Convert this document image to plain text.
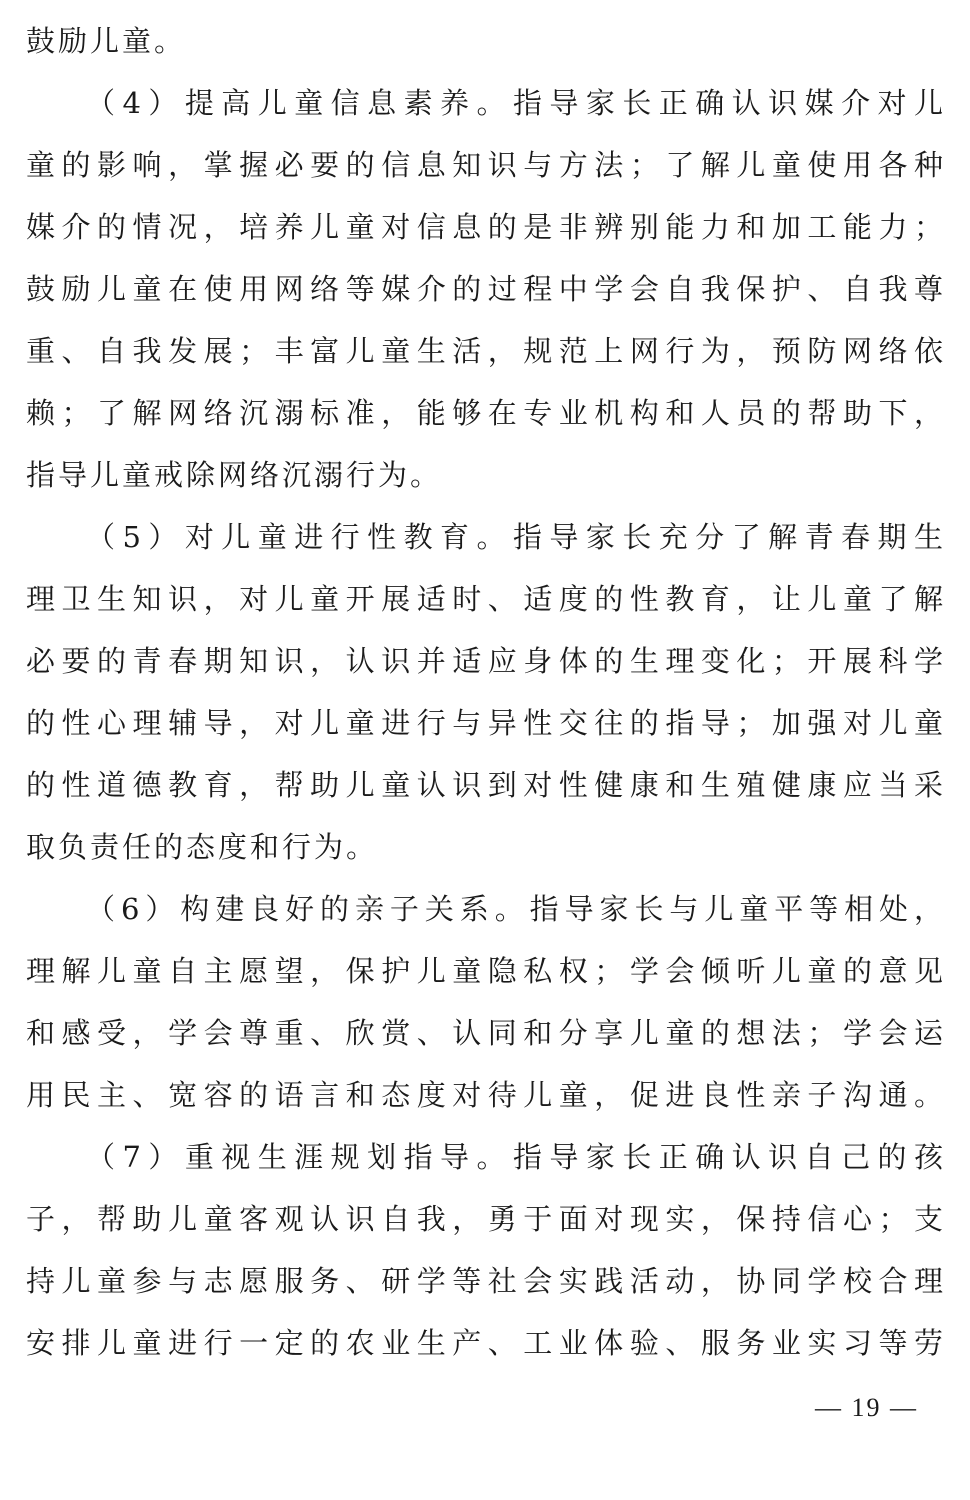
鼓励儿童。
（4）提高儿童信息素养。指导家长正确认识媒介对儿
童的影响，掌握必要的信息知识与方法；了解儿童使用各种
媒介的情况，培养儿童对信息的是非辨别能力和加工能力；
鼓励儿童在使用网络等媒介的过程中学会自我保护、自我尊
重、自我发展；丰富儿童生活，规范上网行为，预防网络依
赖；了解网络沉溺标准，能够在专业机构和人员的帮助下，
指导儿童戒除网络沉溺行为。
（5）对儿童进行性教育。指导家长充分了解青春期生
理卫生知识，对儿童开展适时、适度的性教育，让儿童了解
必要的青春期知识，认识并适应身体的生理变化；开展科学
的性心理辅导，对儿童进行与异性交往的指导；加强对儿童
的性道德教育，帮助儿童认识到对性健康和生殖健康应当采
取负责任的态度和行为。
（6）构建良好的亲子关系。指导家长与儿童平等相处，
理解儿童自主愿望，保护儿童隐私权；学会倾听儿童的意见
和感受，学会尊重、欣赏、认同和分享儿童的想法；学会运
用民主、宽容的语言和态度对待儿童，促进良性亲子沟通。
（7）重视生涯规划指导。指导家长正确认识自己的孩
子，帮助儿童客观认识自我，勇于面对现实，保持信心；支
持儿童参与志愿服务、研学等社会实践活动，协同学校合理
安排儿童进行一定的农业生产、工业体验、服务业实习等劳
— 19 —
